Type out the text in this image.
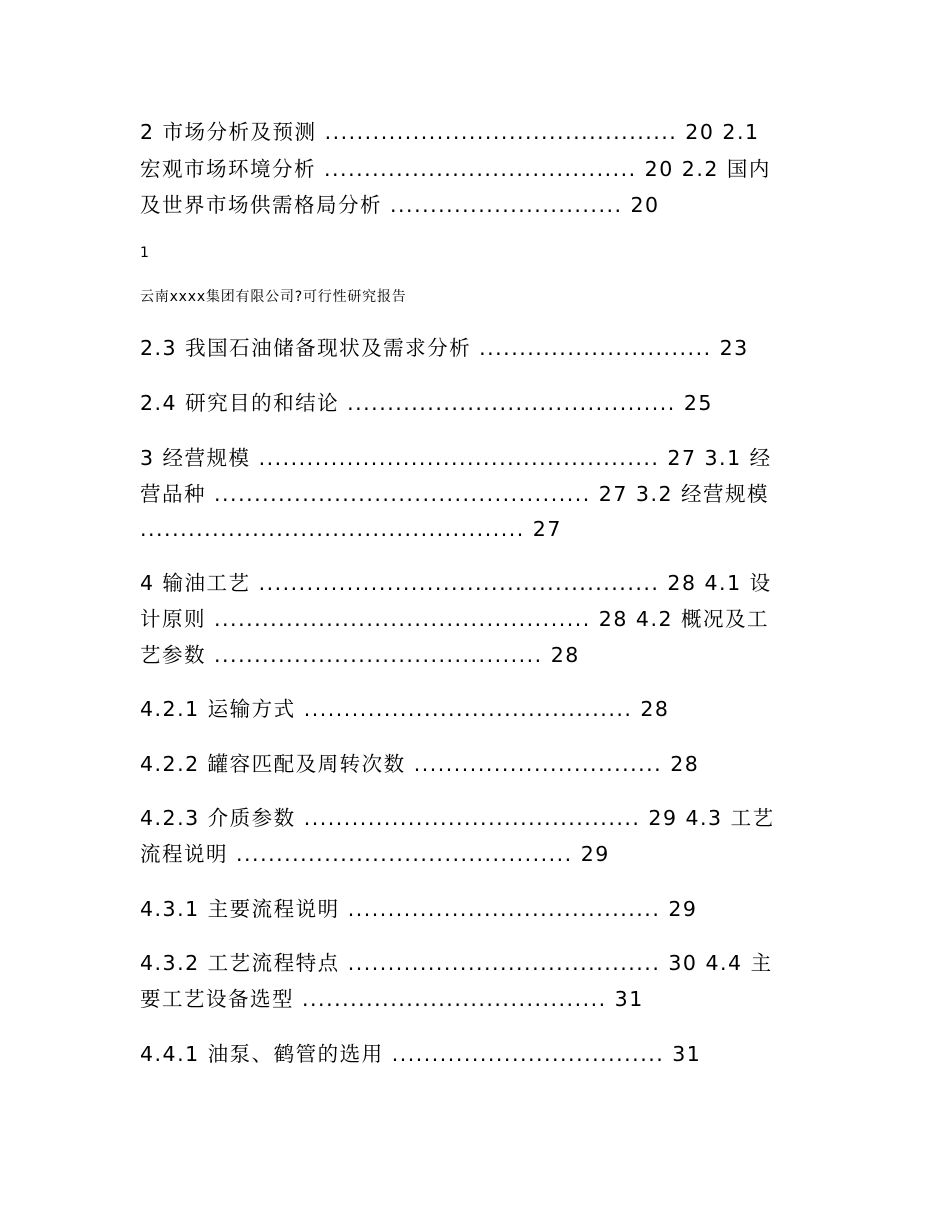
2 市场分析及预测 ............................................ 20 2.1
宏观市场环境分析 ....................................... 20 2.2 国内
及世界市场供需格局分析 ............................. 20
1
云南xxxx集团有限公司?可行性研究报告
2.3 我国石油储备现状及需求分析 ............................. 23
2.4 研究目的和结论 ......................................... 25
3 经营规模 .................................................. 27 3.1 经
营品种 ............................................... 27 3.2 经营规模
................................................ 27
4 输油工艺 .................................................. 28 4.1 设
计原则 ............................................... 28 4.2 概况及工
艺参数 ......................................... 28
4.2.1 运输方式 ......................................... 28
4.2.2 罐容匹配及周转次数 ............................... 28
4.2.3 介质参数 .......................................... 29 4.3 工艺
流程说明 .......................................... 29
4.3.1 主要流程说明 ....................................... 29
4.3.2 工艺流程特点 ....................................... 30 4.4 主
要工艺设备选型 ...................................... 31
4.4.1 油泵、鹤管的选用 .................................. 31
